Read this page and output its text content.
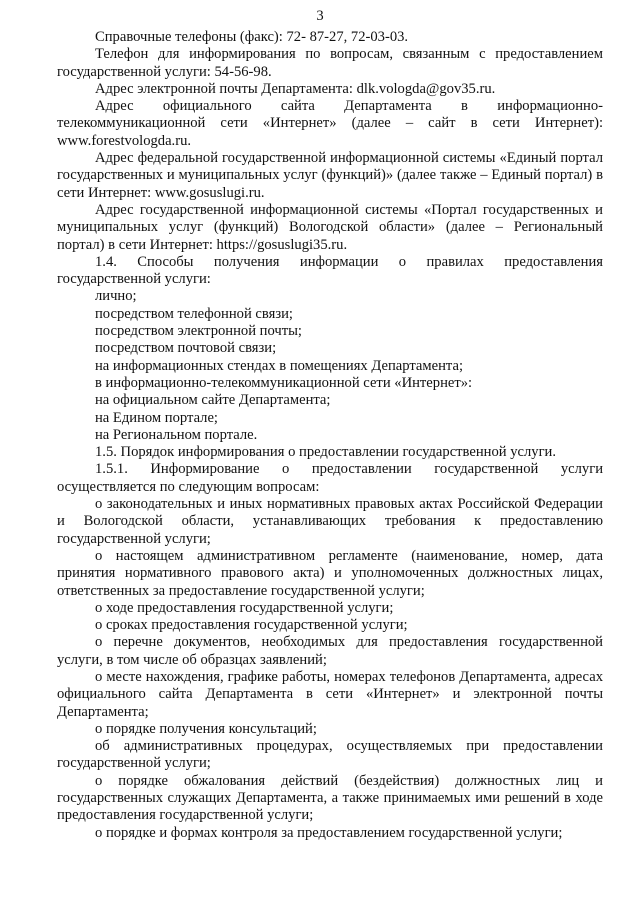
3

Справочные телефоны (факс): 72- 87-27, 72-03-03.

Телефон для информирования по вопросам, связанным с предоставлением государственной услуги: 54-56-98.

Адрес электронной почты Департамента: dlk.vologda@gov35.ru.

Адрес официального сайта Департамента в информационно-телекоммуникационной сети «Интернет» (далее – сайт в сети Интернет): www.forestvologda.ru.

Адрес федеральной государственной информационной системы «Единый портал государственных и муниципальных услуг (функций)» (далее также – Единый портал) в сети Интернет: www.gosuslugi.ru.

Адрес государственной информационной системы «Портал государственных и муниципальных услуг (функций) Вологодской области» (далее – Региональный портал) в сети Интернет: https://gosuslugi35.ru.

1.4. Способы получения информации о правилах предоставления государственной услуги:

лично;

посредством телефонной связи;

посредством электронной почты;

посредством почтовой связи;

на информационных стендах в помещениях Департамента;

в информационно-телекоммуникационной сети «Интернет»:

на официальном сайте Департамента;

на Едином портале;

на Региональном портале.

1.5. Порядок информирования о предоставлении государственной услуги.

1.5.1. Информирование о предоставлении государственной услуги осуществляется по следующим вопросам:

о законодательных и иных нормативных правовых актах Российской Федерации и Вологодской области, устанавливающих требования к предоставлению государственной услуги;

о настоящем административном регламенте (наименование, номер, дата принятия нормативного правового акта) и уполномоченных должностных лицах, ответственных за предоставление государственной услуги;

о ходе предоставления государственной услуги;

о сроках предоставления государственной услуги;

о перечне документов, необходимых для предоставления государственной услуги, в том числе об образцах заявлений;

о месте нахождения, графике работы, номерах телефонов Департамента, адресах официального сайта Департамента в сети «Интернет» и электронной почты Департамента;

о порядке получения консультаций;

об административных процедурах, осуществляемых при предоставлении государственной услуги;

о порядке обжалования действий (бездействия) должностных лиц и государственных служащих Департамента, а также принимаемых ими решений в ходе предоставления государственной услуги;

о порядке и формах контроля за предоставлением государственной услуги;
